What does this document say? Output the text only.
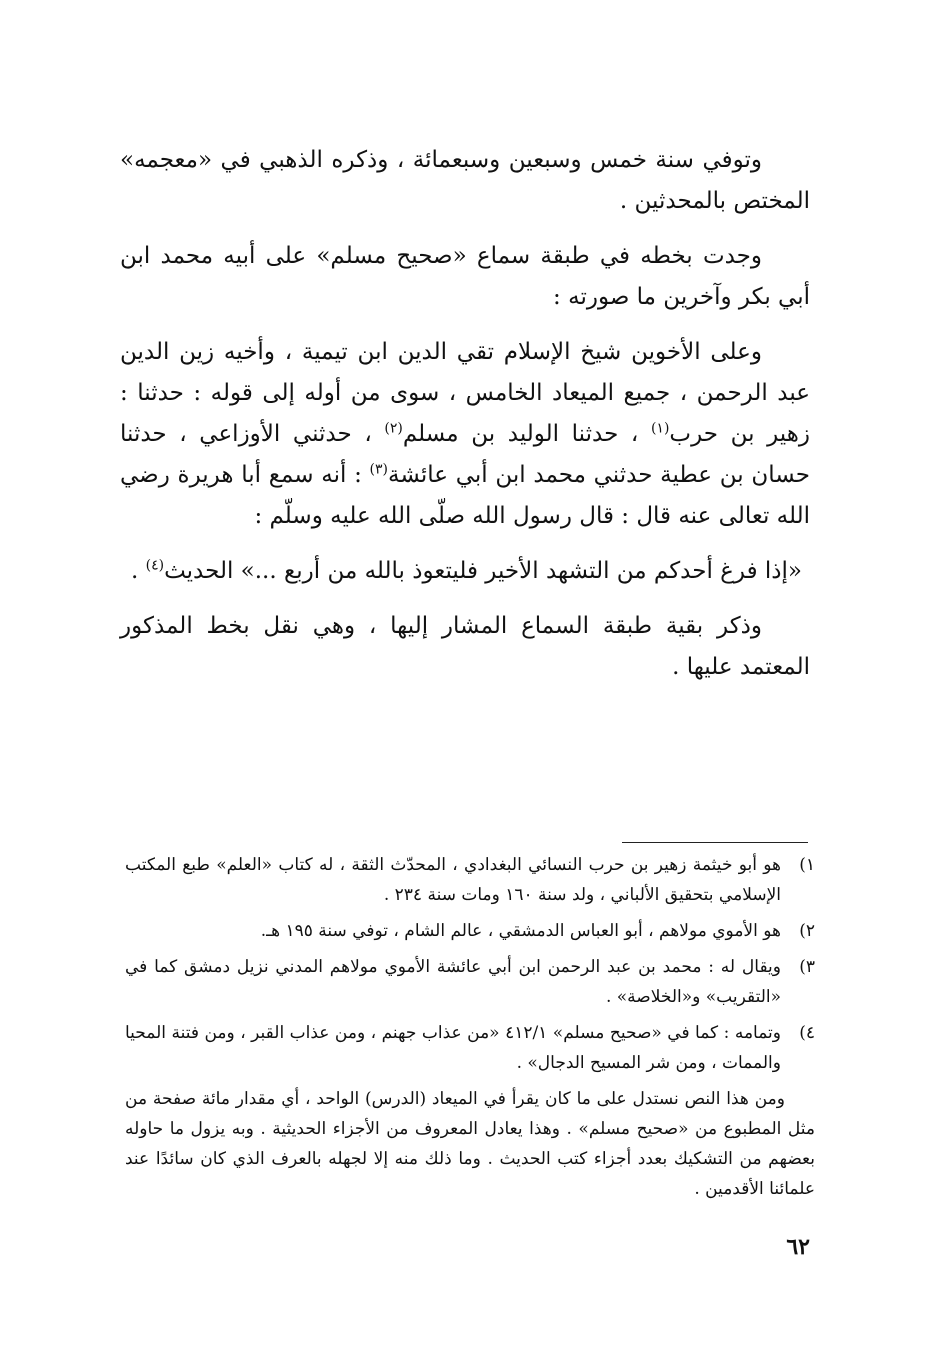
وتوفي سنة خمس وسبعين وسبعمائة ، وذكره الذهبي في «معجمه» المختص بالمحدثين .

وجدت بخطه في طبقة سماع «صحيح مسلم» على أبيه محمد ابن أبي بكر وآخرين ما صورته :

وعلى الأخوين شيخ الإسلام تقي الدين ابن تيمية ، وأخيه زين الدين عبد الرحمن ، جميع الميعاد الخامس ، سوى من أوله إلى قوله : حدثنا : زهير بن حرب$^{(١)}$ ، حدثنا الوليد بن مسلم$^{(٢)}$ ، حدثني الأوزاعي ، حدثنا حسان بن عطية حدثني محمد ابن أبي عائشة$^{(٣)}$ : أنه سمع أبا هريرة رضي الله تعالى عنه قال : قال رسول الله صلّى الله عليه وسلّم :

«إذا فرغ أحدكم من التشهد الأخير فليتعوذ بالله من أربع ...» الحديث$^{(٤)}$ .

وذكر بقية طبقة السماع المشار إليها ، وهي نقل بخط المذكور المعتمد عليها .

١)
هو أبو خيثمة زهير بن حرب النسائي البغدادي ، المحدّث الثقة ، له كتاب «العلم» طبع المكتب الإسلامي بتحقيق الألباني ، ولد سنة ١٦٠ ومات سنة ٢٣٤ .
٢)
هو الأموي مولاهم ، أبو العباس الدمشقي ، عالم الشام ، توفي سنة ١٩٥ هـ.
٣)
ويقال له : محمد بن عبد الرحمن ابن أبي عائشة الأموي مولاهم المدني نزيل دمشق كما في «التقريب» و«الخلاصة» .
٤)
وتمامه : كما في «صحيح مسلم» ٤١٢/١ «من عذاب جهنم ، ومن عذاب القبر ، ومن فتنة المحيا والممات ، ومن شر المسيح الدجال» .
ومن هذا النص نستدل على ما كان يقرأ في الميعاد (الدرس) الواحد ، أي مقدار مائة صفحة من مثل المطبوع من «صحيح مسلم» . وهذا يعادل المعروف من الأجزاء الحديثية . وبه يزول ما حاوله بعضهم من التشكيك بعدد أجزاء كتب الحديث . وما ذلك منه إلا لجهله بالعرف الذي كان سائدًا عند علمائنا الأقدمين .
٦٢
